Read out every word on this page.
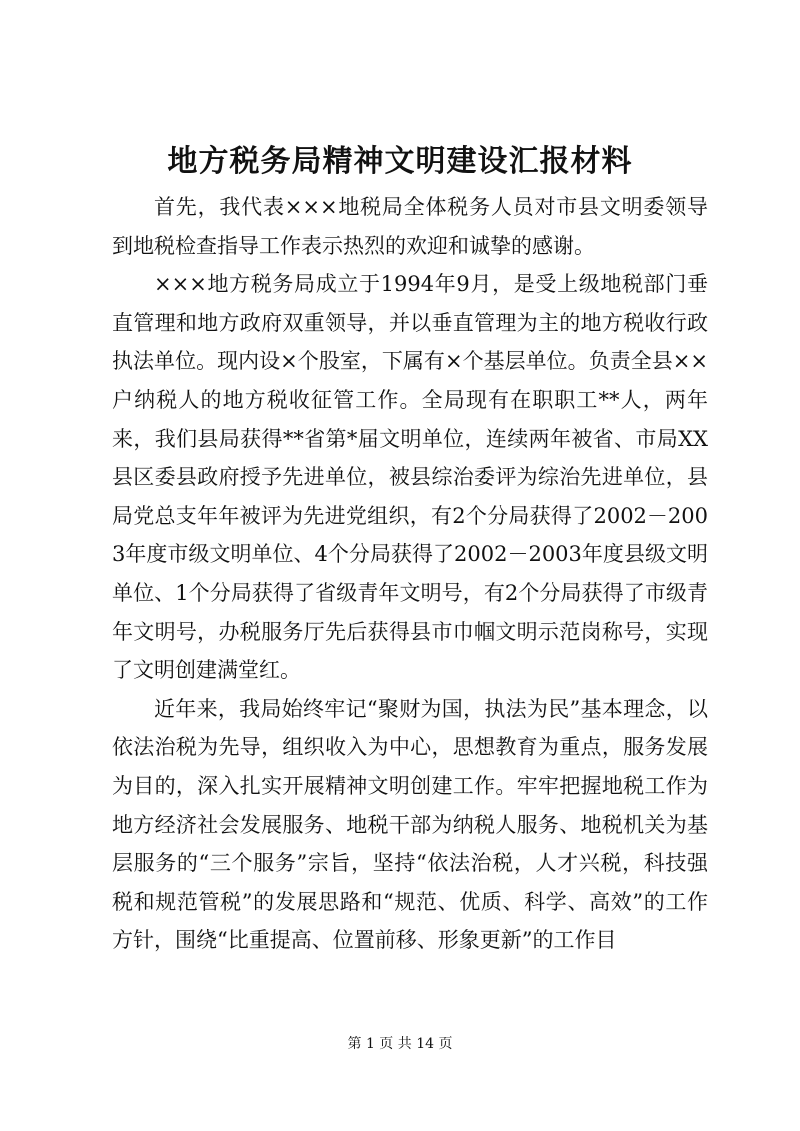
地方税务局精神文明建设汇报材料

首先，我代表×××地税局全体税务人员对市县文明委领导到地税检查指导工作表示热烈的欢迎和诚挚的感谢。

×××地方税务局成立于1994年9月，是受上级地税部门垂直管理和地方政府双重领导，并以垂直管理为主的地方税收行政执法单位。现内设×个股室，下属有×个基层单位。负责全县××户纳税人的地方税收征管工作。全局现有在职职工**人，两年来，我们县局获得**省第*届文明单位，连续两年被省、市局XX县区委县政府授予先进单位，被县综治委评为综治先进单位，县局党总支年年被评为先进党组织，有2个分局获得了2002－2003年度市级文明单位、4个分局获得了2002－2003年度县级文明单位、1个分局获得了省级青年文明号，有2个分局获得了市级青年文明号，办税服务厅先后获得县市巾帼文明示范岗称号，实现了文明创建满堂红。

近年来，我局始终牢记“聚财为国，执法为民”基本理念，以依法治税为先导，组织收入为中心，思想教育为重点，服务发展为目的，深入扎实开展精神文明创建工作。牢牢把握地税工作为地方经济社会发展服务、地税干部为纳税人服务、地税机关为基层服务的“三个服务”宗旨，坚持“依法治税，人才兴税，科技强税和规范管税”的发展思路和“规范、优质、科学、高效”的工作方针，围绕“比重提高、位置前移、形象更新”的工作目

第 1 页 共 14 页
